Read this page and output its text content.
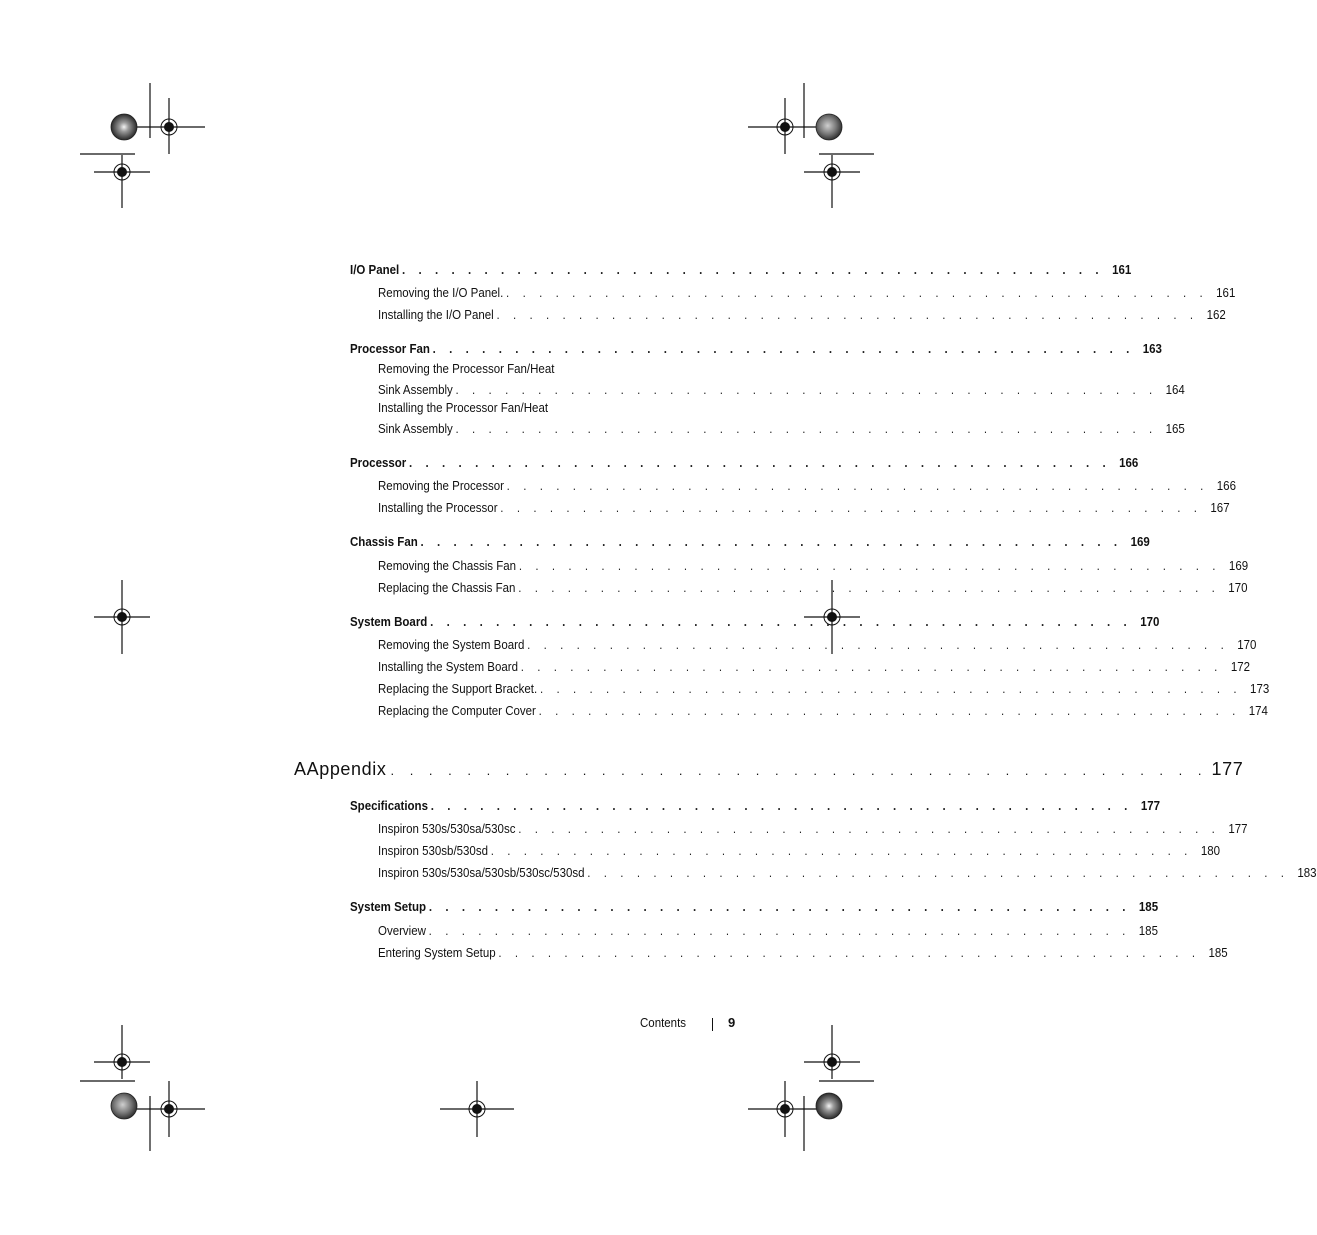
I/O Panel . . . . . . . . . . . . . . . . . . . . . . . . . . . . . . . . . . . . . . . . . . . 161
Removing the I/O Panel. . . . . . . . . . . . . . . . . . . . . . . . . . . . . . . . . . . . . . . . . . . . 161
Installing the I/O Panel . . . . . . . . . . . . . . . . . . . . . . . . . . . . . . . . . . . . . . . . . . . 162
Processor Fan . . . . . . . . . . . . . . . . . . . . . . . . . . . . . . . . . . . . . . . . . . . 163
Removing the Processor Fan/Heat
Sink Assembly . . . . . . . . . . . . . . . . . . . . . . . . . . . . . . . . . . . . . . . . . . . 164
Installing the Processor Fan/Heat
Sink Assembly . . . . . . . . . . . . . . . . . . . . . . . . . . . . . . . . . . . . . . . . . . . 165
Processor . . . . . . . . . . . . . . . . . . . . . . . . . . . . . . . . . . . . . . . . . . . 166
Removing the Processor . . . . . . . . . . . . . . . . . . . . . . . . . . . . . . . . . . . . . . . . . . . 166
Installing the Processor . . . . . . . . . . . . . . . . . . . . . . . . . . . . . . . . . . . . . . . . . . . 167
Chassis Fan . . . . . . . . . . . . . . . . . . . . . . . . . . . . . . . . . . . . . . . . . . . 169
Removing the Chassis Fan . . . . . . . . . . . . . . . . . . . . . . . . . . . . . . . . . . . . . . . . . . . 169
Replacing the Chassis Fan . . . . . . . . . . . . . . . . . . . . . . . . . . . . . . . . . . . . . . . . . . . 170
System Board . . . . . . . . . . . . . . . . . . . . . . . . . . . . . . . . . . . . . . . . . . . 170
Removing the System Board . . . . . . . . . . . . . . . . . . . . . . . . . . . . . . . . . . . . . . . . . . . 170
Installing the System Board . . . . . . . . . . . . . . . . . . . . . . . . . . . . . . . . . . . . . . . . . . . 172
Replacing the Support Bracket. . . . . . . . . . . . . . . . . . . . . . . . . . . . . . . . . . . . . . . . . . . . 173
Replacing the Computer Cover . . . . . . . . . . . . . . . . . . . . . . . . . . . . . . . . . . . . . . . . . . . 174
A Appendix . . . . . . . . . . . . . . . . . . . . . . . . . . . . . . . . . . . . . . . . . . . 177
Specifications . . . . . . . . . . . . . . . . . . . . . . . . . . . . . . . . . . . . . . . . . . . 177
Inspiron 530s/530sa/530sc . . . . . . . . . . . . . . . . . . . . . . . . . . . . . . . . . . . . . . . . . . . 177
Inspiron 530sb/530sd . . . . . . . . . . . . . . . . . . . . . . . . . . . . . . . . . . . . . . . . . . . 180
Inspiron 530s/530sa/530sb/530sc/530sd . . . . . . . . . . . . . . . . . . . . . . . . . . . . . . . . . . . . . . . . . . . 183
System Setup . . . . . . . . . . . . . . . . . . . . . . . . . . . . . . . . . . . . . . . . . . . 185
Overview . . . . . . . . . . . . . . . . . . . . . . . . . . . . . . . . . . . . . . . . . . . 185
Entering System Setup . . . . . . . . . . . . . . . . . . . . . . . . . . . . . . . . . . . . . . . . . . . 185
Contents	9
